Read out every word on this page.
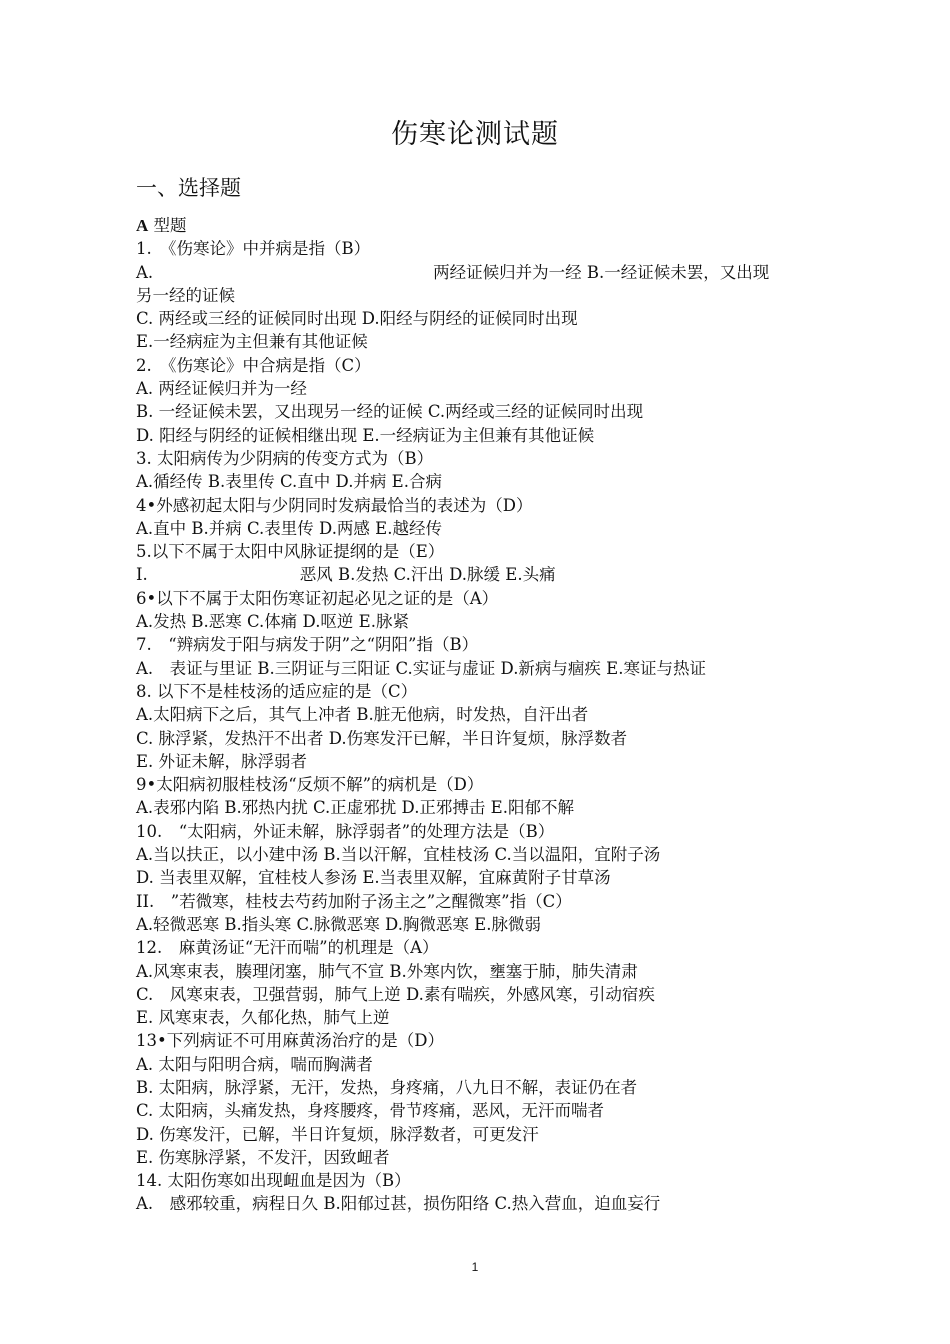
伤寒论测试题
一、选择题
A 型题
1.　《伤寒论》中并病是指（B）
A.	两经证候归并为一经 B.一经证候未罢，又出现
另一经的证候
C. 两经或三经的证候同时出现 D.阳经与阴经的证候同时出现
E.一经病症为主但兼有其他证候
2.　《伤寒论》中合病是指（C）
A. 两经证候归并为一经
B. 一经证候未罢，又出现另一经的证候 C.两经或三经的证候同时出现
D. 阳经与阴经的证候相继出现 E.一经病证为主但兼有其他证候
3. 太阳病传为少阴病的传变方式为（B）
A.循经传 B.表里传 C.直中 D.并病 E.合病
4•外感初起太阳与少阴同时发病最恰当的表述为（D）
A.直中 B.并病 C.表里传 D.两感 E.越经传
5.以下不属于太阳中风脉证提纲的是（E）
I.	恶风 B.发热 C.汗出 D.脉缓 E.头痛
6•以下不属于太阳伤寒证初起必见之证的是（A）
A.发热 B.恶寒 C.体痛 D.呕逆 E.脉紧
7.　“辨病发于阳与病发于阴”之“阴阳”指（B）
A.　表证与里证 B.三阴证与三阳证 C.实证与虚证 D.新病与痼疾 E.寒证与热证
8. 以下不是桂枝汤的适应症的是（C）
A.太阳病下之后，其气上冲者 B.脏无他病，时发热，自汗出者
C. 脉浮紧，发热汗不出者 D.伤寒发汗已解，半日许复烦，脉浮数者
E. 外证未解，脉浮弱者
9•太阳病初服桂枝汤“反烦不解”的病机是（D）
A.表邪内陷 B.邪热内扰 C.正虚邪扰 D.正邪搏击 E.阳郁不解
10.　“太阳病，外证未解，脉浮弱者”的处理方法是（B）
A.当以扶正，以小建中汤 B.当以汗解，宜桂枝汤 C.当以温阳，宜附子汤
D. 当表里双解，宜桂枝人参汤 E.当表里双解，宜麻黄附子甘草汤
II.　”若微寒，桂枝去芍药加附子汤主之”之醒微寒”指（C）
A.轻微恶寒 B.指头寒 C.脉微恶寒 D.胸微恶寒 E.脉微弱
12.　麻黄汤证“无汗而喘”的机理是（A）
A.风寒束表，腠理闭塞，肺气不宣 B.外寒内饮，壅塞于肺，肺失清肃
C.　风寒束表，卫强营弱，肺气上逆 D.素有喘疾，外感风寒，引动宿疾
E. 风寒束表，久郁化热，肺气上逆
13•下列病证不可用麻黄汤治疗的是（D）
A. 太阳与阳明合病，喘而胸满者
B. 太阳病，脉浮紧，无汗，发热，身疼痛，八九日不解，表证仍在者
C. 太阳病，头痛发热，身疼腰疼，骨节疼痛，恶风，无汗而喘者
D. 伤寒发汗，已解，半日许复烦，脉浮数者，可更发汗
E. 伤寒脉浮紧，不发汗，因致衄者
14. 太阳伤寒如出现衄血是因为（B）
A.　感邪较重，病程日久 B.阳郁过甚，损伤阳络 C.热入营血，迫血妄行
1
